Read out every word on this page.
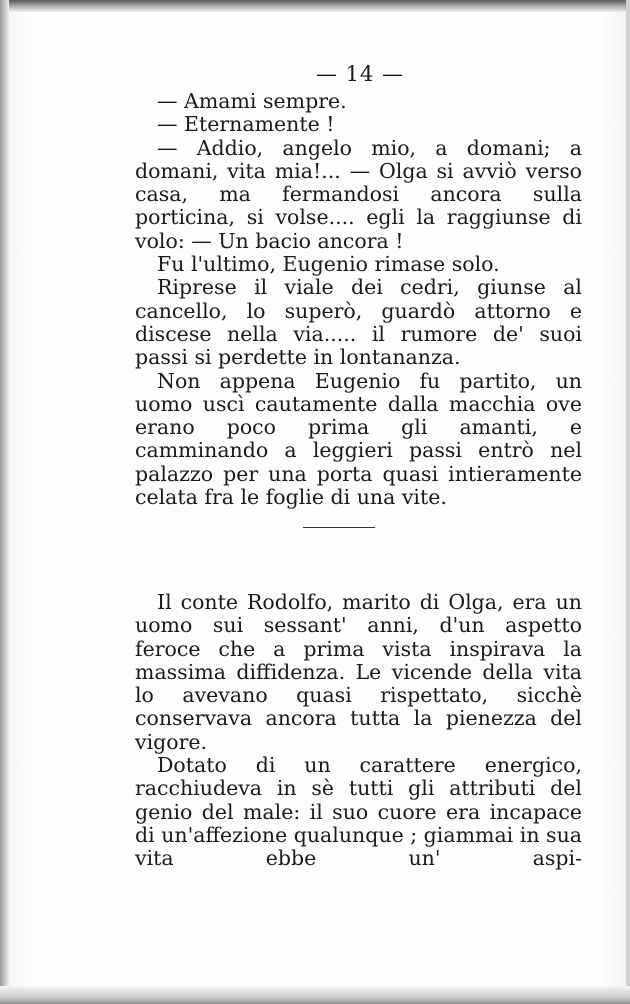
— 14 —

— Amami sempre.

— Eternamente !

— Addio, angelo mio, a domani; a domani, vita mia!... — Olga si avviò verso casa, ma fermandosi ancora sulla porticina, si volse.... egli la raggiunse di volo: — Un bacio ancora !

Fu l'ultimo, Eugenio rimase solo.

Riprese il viale dei cedri, giunse al cancello, lo superò, guardò attorno e discese nella via..... il rumore de' suoi passi si perdette in lontananza.

Non appena Eugenio fu partito, un uomo uscì cautamente dalla macchia ove erano poco prima gli amanti, e camminando a leggieri passi entrò nel palazzo per una porta quasi intieramente celata fra le foglie di una vite.

Il conte Rodolfo, marito di Olga, era un uomo sui sessant' anni, d'un aspetto feroce che a prima vista inspirava la massima diffidenza. Le vicende della vita lo avevano quasi rispettato, sicchè conservava ancora tutta la pienezza del vigore.

Dotato di un carattere energico, racchiudeva in sè tutti gli attributi del genio del male: il suo cuore era incapace di un'affezione qualunque ; giammai in sua vita ebbe un' aspi-
